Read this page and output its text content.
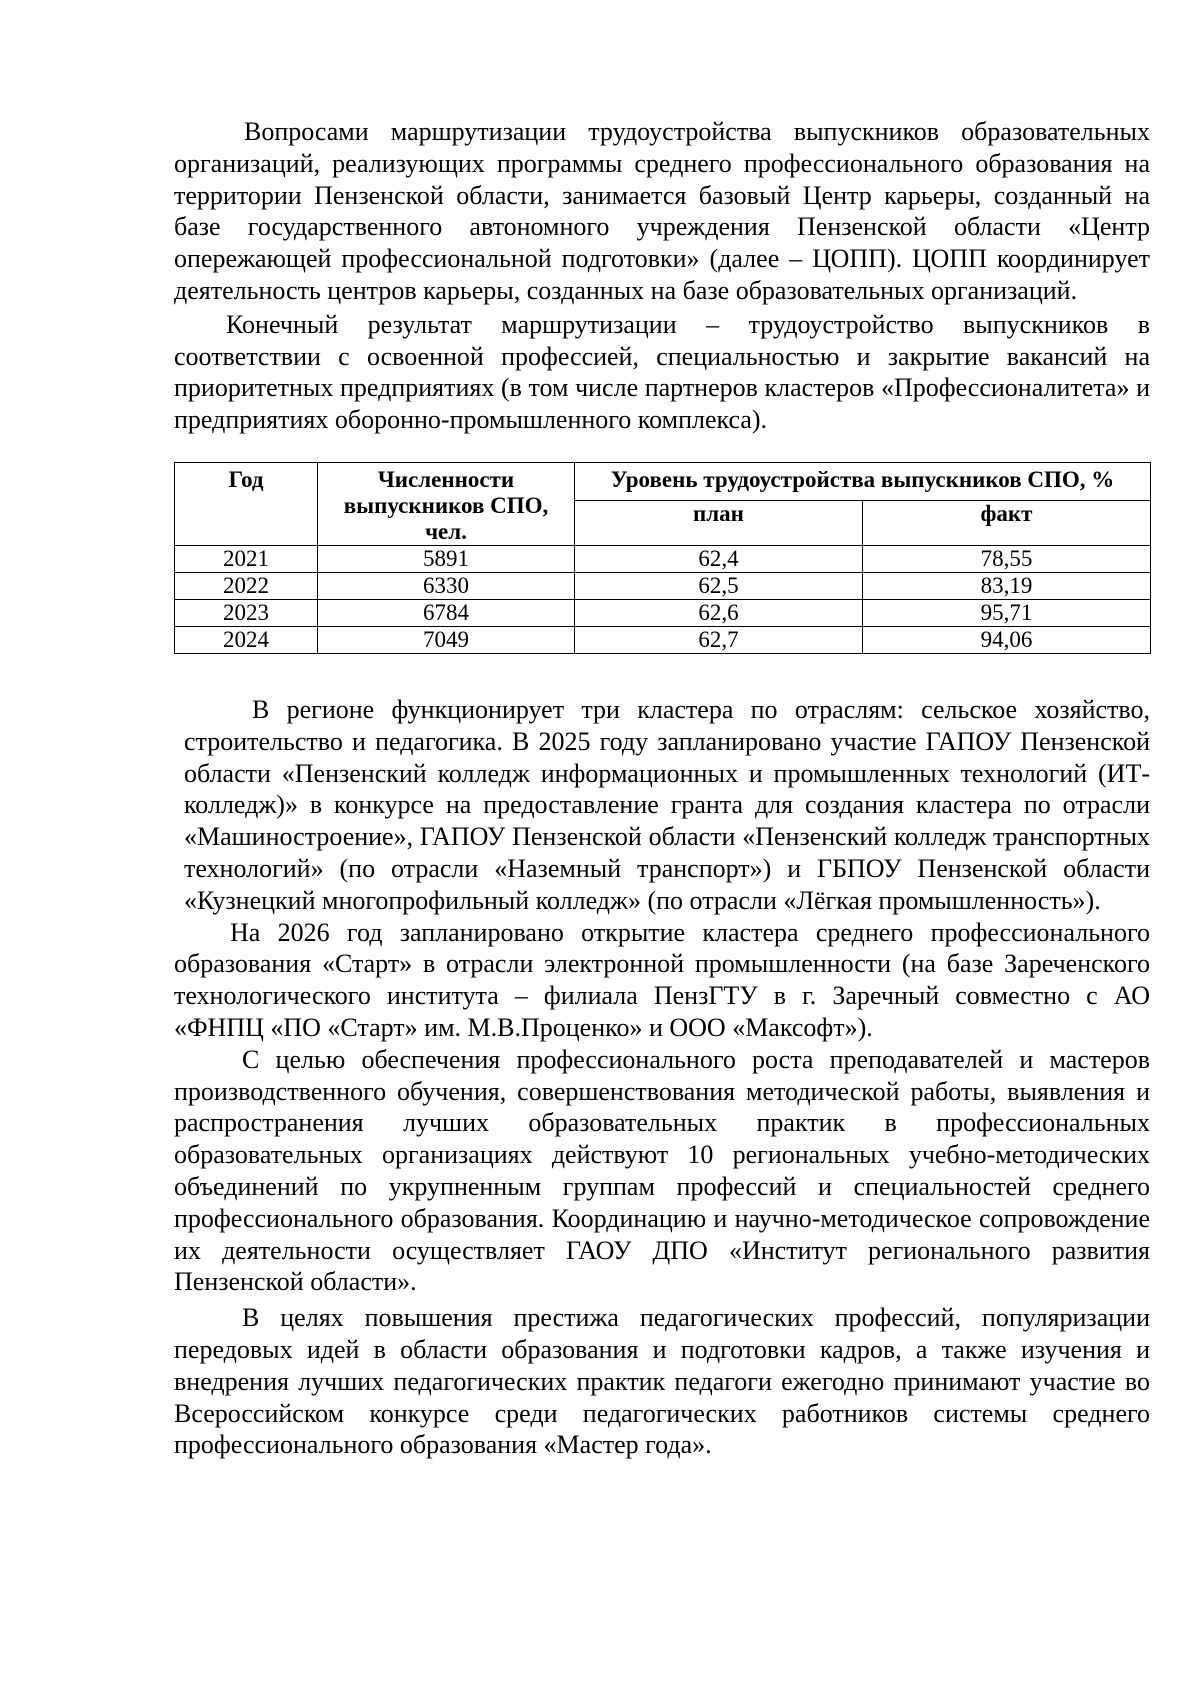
Вопросами маршрутизации трудоустройства выпускников образовательных организаций, реализующих программы среднего профессионального образования на территории Пензенской области, занимается базовый Центр карьеры, созданный на базе государственного автономного учреждения Пензенской области «Центр опережающей профессиональной подготовки» (далее – ЦОПП). ЦОПП координирует деятельность центров карьеры, созданных на базе образовательных организаций.

Конечный результат маршрутизации – трудоустройство выпускников в соответствии с освоенной профессией, специальностью и закрытие вакансий на приоритетных предприятиях (в том числе партнеров кластеров «Профессионалитета» и предприятиях оборонно-промышленного комплекса).

Год	Численности выпускников СПО, чел.	Уровень трудоустройства выпускников СПО, %	
		план	факт
2021	5891	62,4	78,55
2022	6330	62,5	83,19
2023	6784	62,6	95,71
2024	7049	62,7	94,06

В регионе функционирует три кластера по отраслям: сельское хозяйство, строительство и педагогика. В 2025 году запланировано участие ГАПОУ Пензенской области «Пензенский колледж информационных и промышленных технологий (ИТ-колледж)» в конкурсе на предоставление гранта для создания кластера по отрасли «Машиностроение», ГАПОУ Пензенской области «Пензенский колледж транспортных технологий» (по отрасли «Наземный транспорт») и ГБПОУ Пензенской области «Кузнецкий многопрофильный колледж» (по отрасли «Лёгкая промышленность»).

На 2026 год запланировано открытие кластера среднего профессионального образования «Старт» в отрасли электронной промышленности (на базе Зареченского технологического института – филиала ПензГТУ в г. Заречный совместно с АО «ФНПЦ «ПО «Старт» им. М.В.Проценко» и ООО «Максофт»).

С целью обеспечения профессионального роста преподавателей и мастеров производственного обучения, совершенствования методической работы, выявления и распространения лучших образовательных практик в профессиональных образовательных организациях действуют 10 региональных учебно-методических объединений по укрупненным группам профессий и специальностей среднего профессионального образования. Координацию и научно-методическое сопровождение их деятельности осуществляет ГАОУ ДПО «Институт регионального развития Пензенской области».

В целях повышения престижа педагогических профессий, популяризации передовых идей в области образования и подготовки кадров, а также изучения и внедрения лучших педагогических практик педагоги ежегодно принимают участие во Всероссийском конкурсе среди педагогических работников системы среднего профессионального образования «Мастер года».
